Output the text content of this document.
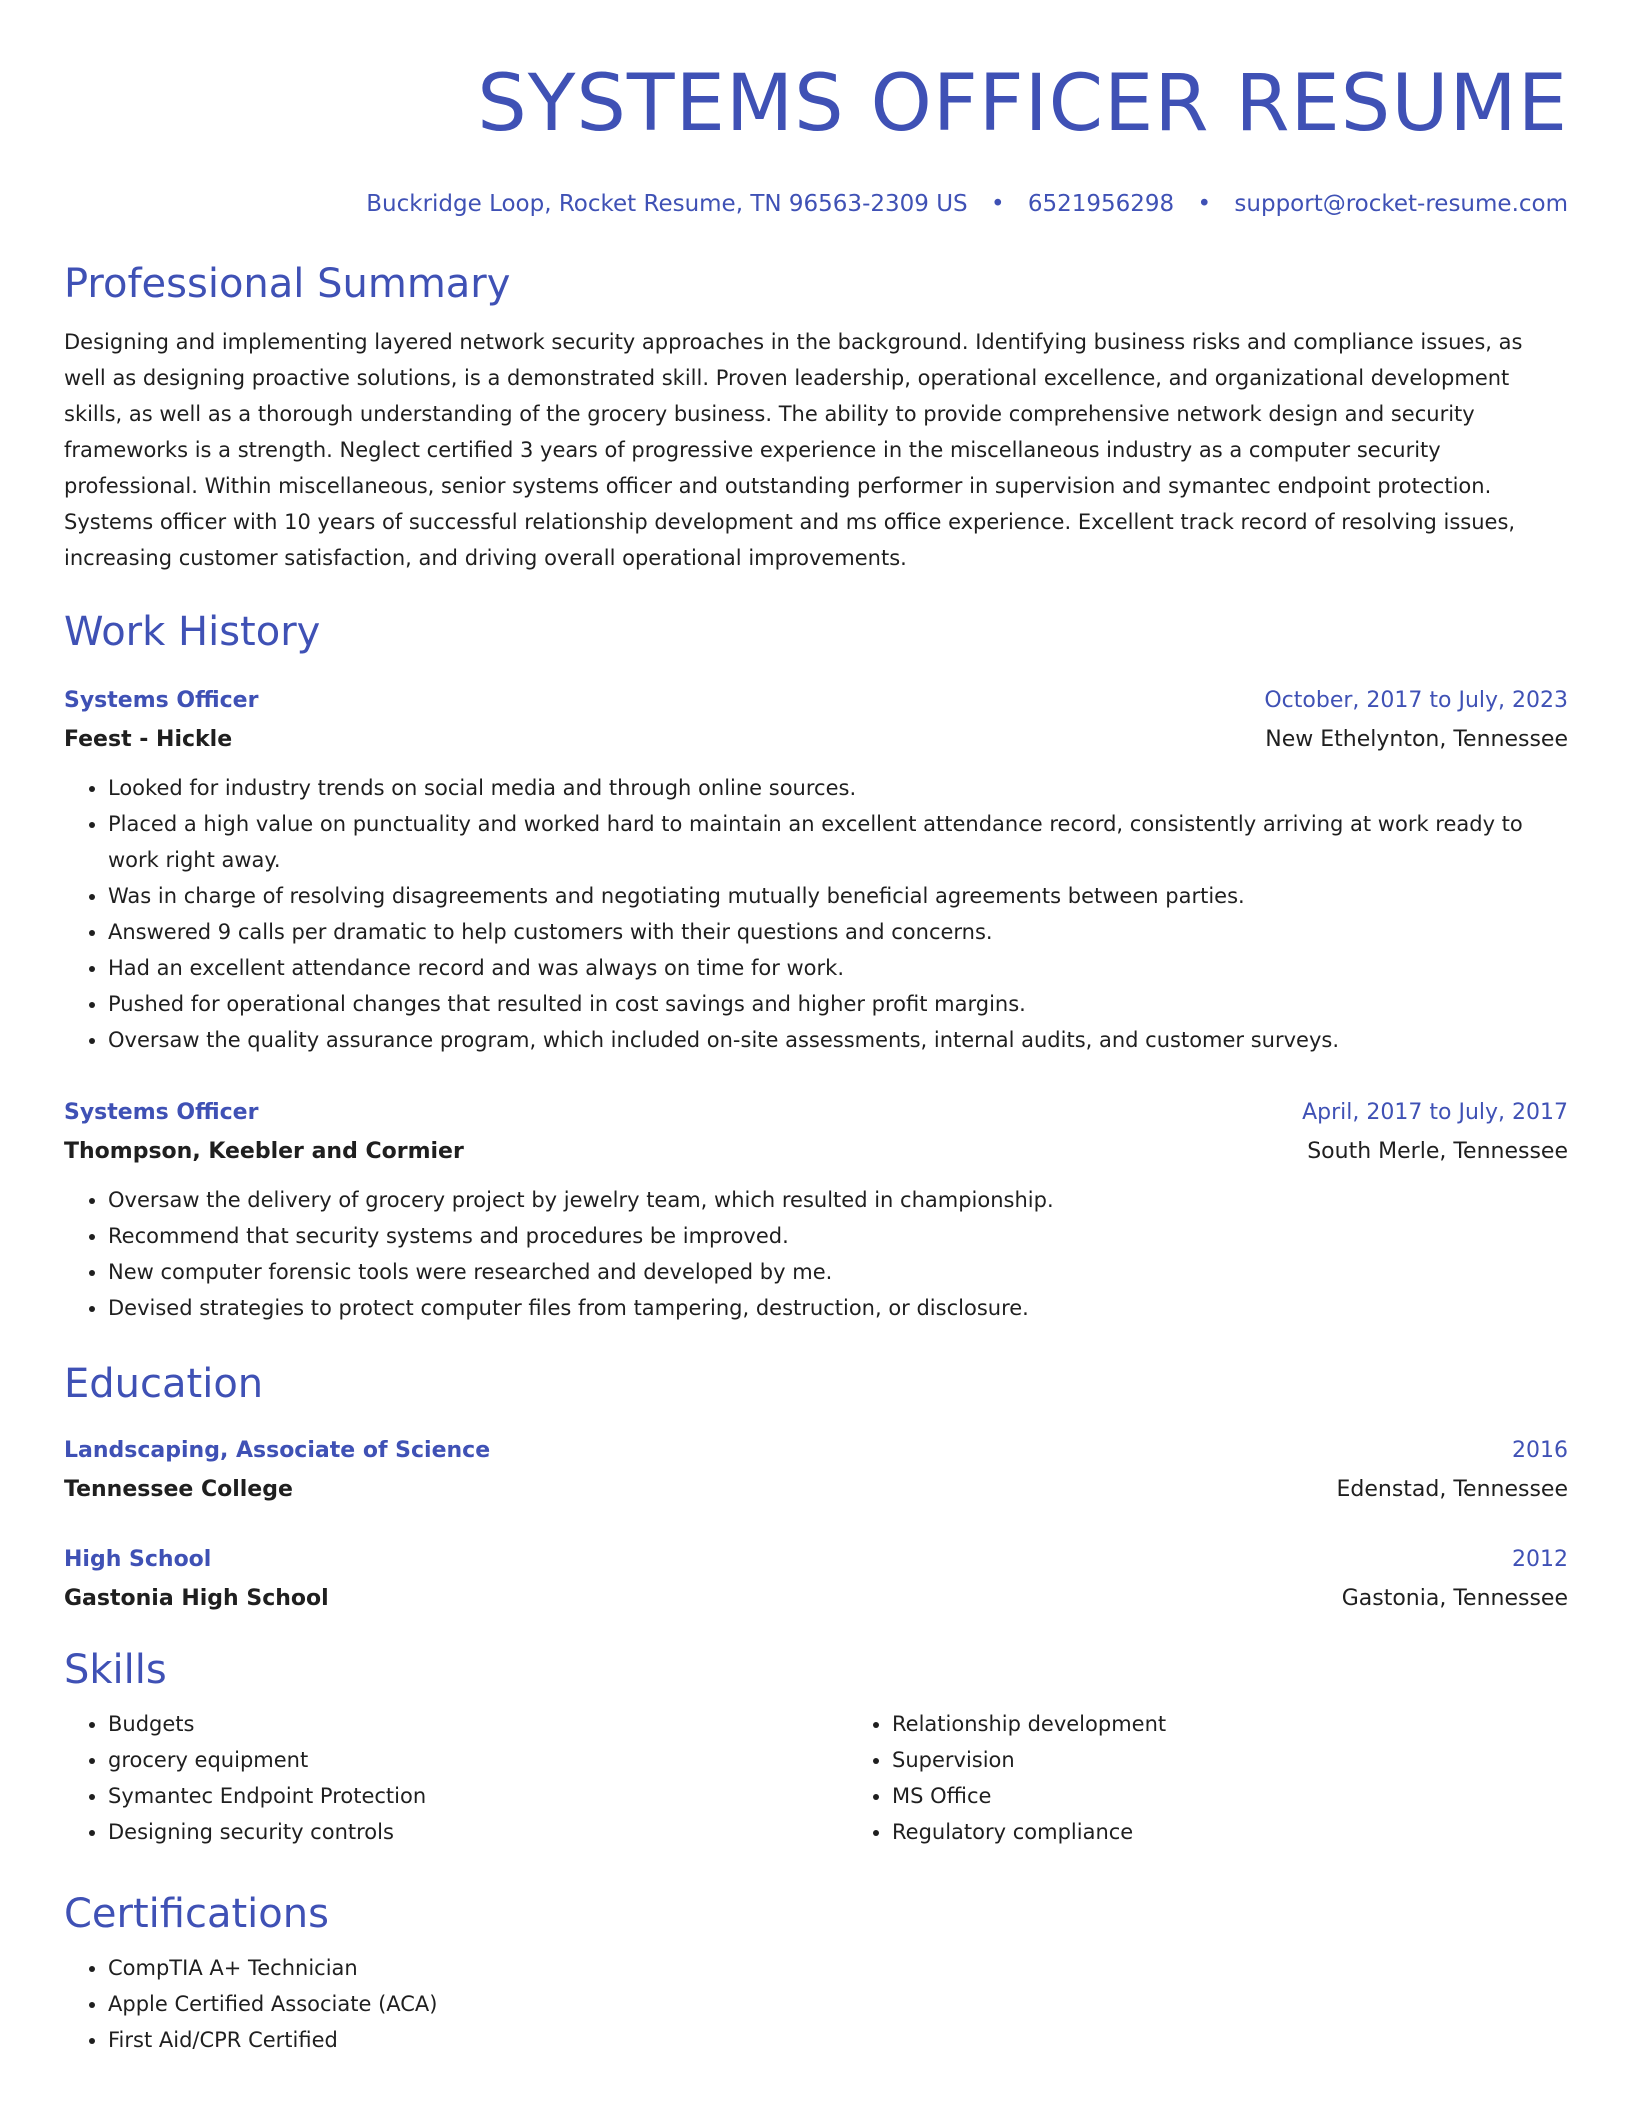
SYSTEMS OFFICER RESUME
Buckridge Loop, Rocket Resume, TN 96563-2309 US • 6521956298 • support@rocket-resume.com
Professional Summary

Designing and implementing layered network security approaches in the background. Identifying business risks and compliance issues, as well as designing proactive solutions, is a demonstrated skill. Proven leadership, operational excellence, and organizational development skills, as well as a thorough understanding of the grocery business. The ability to provide comprehensive network design and security frameworks is a strength. Neglect certified 3 years of progressive experience in the miscellaneous industry as a computer security professional. Within miscellaneous, senior systems officer and outstanding performer in supervision and symantec endpoint protection. Systems officer with 10 years of successful relationship development and ms office experience. Excellent track record of resolving issues, increasing customer satisfaction, and driving overall operational improvements.

Work History
Systems Officer	October, 2017 to July, 2023
Feest - Hickle	New Ethelynton, Tennessee
• Looked for industry trends on social media and through online sources.
• Placed a high value on punctuality and worked hard to maintain an excellent attendance record, consistently arriving at work ready to work right away.
• Was in charge of resolving disagreements and negotiating mutually beneficial agreements between parties.
• Answered 9 calls per dramatic to help customers with their questions and concerns.
• Had an excellent attendance record and was always on time for work.
• Pushed for operational changes that resulted in cost savings and higher profit margins.
• Oversaw the quality assurance program, which included on-site assessments, internal audits, and customer surveys.
Systems Officer	April, 2017 to July, 2017
Thompson, Keebler and Cormier	South Merle, Tennessee
• Oversaw the delivery of grocery project by jewelry team, which resulted in championship.
• Recommend that security systems and procedures be improved.
• New computer forensic tools were researched and developed by me.
• Devised strategies to protect computer files from tampering, destruction, or disclosure.
Education
Landscaping, Associate of Science	2016
Tennessee College	Edenstad, Tennessee
High School	2012
Gastonia High School	Gastonia, Tennessee
Skills
• Budgets
• grocery equipment
• Symantec Endpoint Protection
• Designing security controls
• Relationship development
• Supervision
• MS Office
• Regulatory compliance
Certifications
• CompTIA A+ Technician
• Apple Certified Associate (ACA)
• First Aid/CPR Certified
